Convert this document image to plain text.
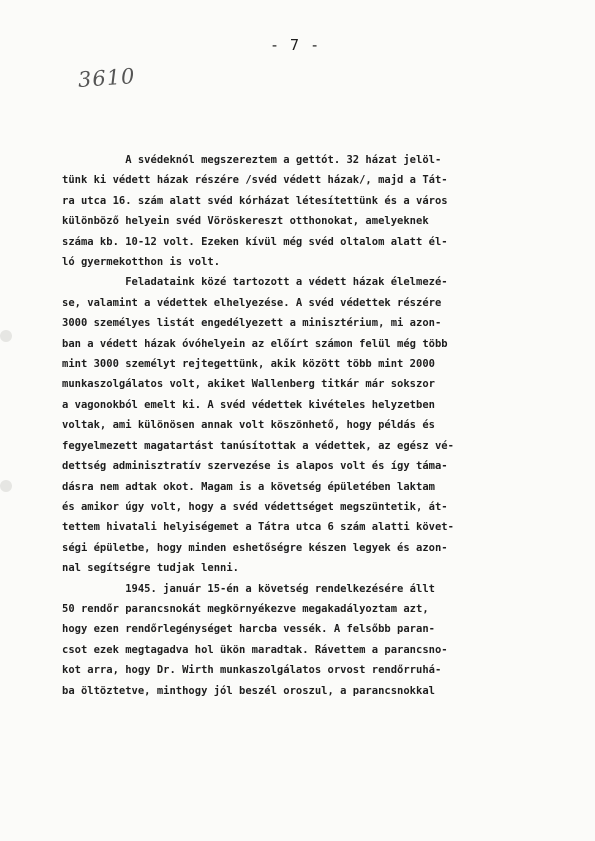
- 7 -
3610
A svédeknól megszereztem a gettót. 32 házat jelöl-
tünk ki védett házak részére /svéd védett házak/, majd a Tát-
ra utca 16. szám alatt svéd kórházat létesítettünk és a város
különböző helyein svéd Vöröskereszt otthonokat, amelyeknek
száma kb. 10-12 volt. Ezeken kívül még svéd oltalom alatt él-
ló gyermekotthon is volt.
Feladataink közé tartozott a védett házak élelmezé-
se, valamint a védettek elhelyezése. A svéd védettek részére
3000 személyes listát engedélyezett a minisztérium, mi azon-
ban a védett házak óvóhelyein az előírt számon felül még több
mint 3000 személyt rejtegettünk, akik között több mint 2000
munkaszolgálatos volt, akiket Wallenberg titkár már sokszor
a vagonokból emelt ki. A svéd védettek kivételes helyzetben
voltak, ami különösen annak volt köszönhető, hogy példás és
fegyelmezett magatartást tanúsítottak a védettek, az egész vé-
dettség adminisztratív szervezése is alapos volt és így táma-
dásra nem adtak okot. Magam is a követség épületében laktam
és amikor úgy volt, hogy a svéd védettséget megszüntetik, át-
tettem hivatali helyiségemet a Tátra utca 6 szám alatti követ-
ségi épületbe, hogy minden eshetőségre készen legyek és azon-
nal segítségre tudjak lenni.
1945. január 15-én a követség rendelkezésére állt
50 rendőr parancsnokát megkörnyékezve megakadályoztam azt,
hogy ezen rendőrlegénységet harcba vessék. A felsőbb paran-
csot ezek megtagadva hol ükön maradtak. Rávettem a parancsno-
kot arra, hogy Dr. Wirth munkaszolgálatos orvost rendőrruhá-
ba öltöztetve, minthogy jól beszél oroszul, a parancsnokkal
